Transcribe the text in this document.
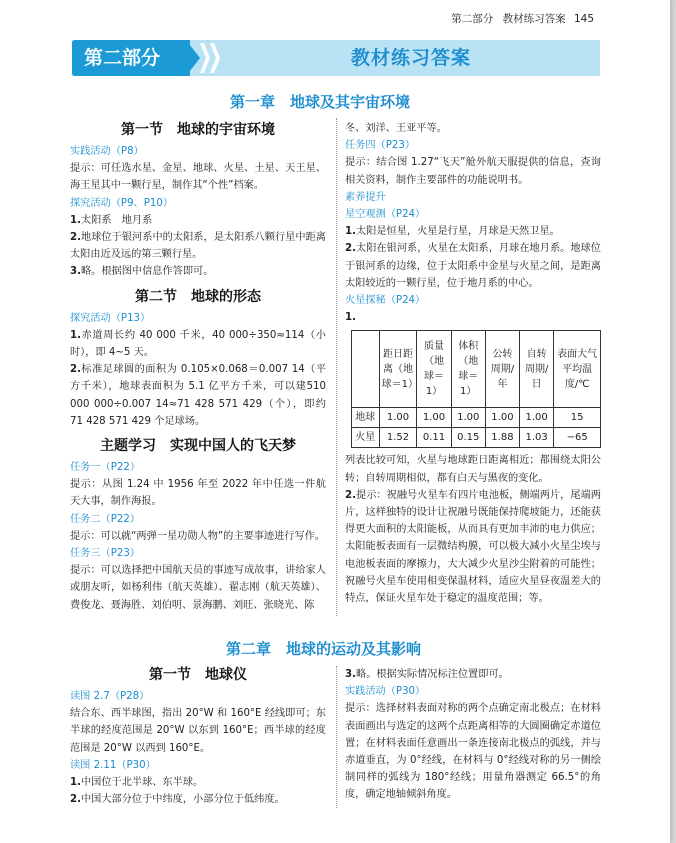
第二部分 教材练习答案 145
第二部分	教材练习答案
第一章　地球及其宇宙环境
第一节　地球的宇宙环境

实践活动（P8）

提示：可任选水星、金星、地球、火星、土星、天王星、海王星其中一颗行星，制作其“个性”档案。

探究活动（P9、P10）

1.太阳系　地月系

2.地球位于银河系中的太阳系，是太阳系八颗行星中距离太阳由近及远的第三颗行星。

3.略。根据图中信息作答即可。

第二节　地球的形态

探究活动（P13）

1.赤道周长约 40 000 千米，40 000÷350≈114（小时），即 4~5 天。

2.标准足球圆的面积为 0.105×0.068＝0.007 14（平方千米），地球表面积为 5.1 亿平方千米，可以建510 000 000÷0.007 14≈71 428 571 429（个），即约 71 428 571 429 个足球场。

主题学习　实现中国人的飞天梦

任务一（P22）

提示：从图 1.24 中 1956 年至 2022 年中任选一件航天大事，制作海报。

任务二（P22）

提示：可以就“两弹一星功勋人物”的主要事迹进行写作。

任务三（P23）

提示：可以选择把中国航天员的事迹写成故事，讲给家人或朋友听，如杨利伟（航天英雄）、翟志刚（航天英雄）、费俊龙、聂海胜、刘伯明、景海鹏、刘旺、张晓光、陈

冬、刘洋、王亚平等。

任务四（P23）

提示：结合图 1.27“飞天”舱外航天服提供的信息，查询相关资料，制作主要部件的功能说明书。

素养提升

星空观测（P24）

1.太阳是恒星，火星是行星，月球是天然卫星。

2.太阳在银河系，火星在太阳系，月球在地月系。地球位于银河系的边缘，位于太阳系中金星与火星之间，是距离太阳较近的一颗行星，位于地月系的中心。

火星探秘（P24）

1.

	距日距离（地球＝1）	质量（地球＝1）	体积（地球＝1）	公转周期/年	自转周期/日	表面大气平均温度/℃
地球	1.00	1.00	1.00	1.00	1.00	15
火星	1.52	0.11	0.15	1.88	1.03	−65

列表比较可知，火星与地球距日距离相近；都围绕太阳公转；自转周期相似，都有白天与黑夜的变化。

2.提示：祝融号火星车有四片电池板，侧端两片，尾端两片，这样独特的设计让祝融号既能保持爬坡能力，还能获得更大面积的太阳能板，从而具有更加丰沛的电力供应；太阳能板表面有一层微结构膜，可以极大减小火星尘埃与电池板表面的摩擦力，大大减少火星沙尘附着的可能性；祝融号火星车使用相变保温材料，适应火星昼夜温差大的特点，保证火星车处于稳定的温度范围；等。

第二章　地球的运动及其影响
第一节　地球仪

读图 2.7（P28）

结合东、西半球图，指出 20°W 和 160°E 经线即可；东半球的经度范围是 20°W 以东到 160°E；西半球的经度范围是 20°W 以西到 160°E。

读图 2.11（P30）

1.中国位于北半球、东半球。

2.中国大部分位于中纬度，小部分位于低纬度。

3.略。根据实际情况标注位置即可。

实践活动（P30）

提示：选择材料表面对称的两个点确定南北极点；在材料表面画出与选定的这两个点距离相等的大圆圈确定赤道位置；在材料表面任意画出一条连接南北极点的弧线，并与赤道垂直，为 0°经线，在材料与 0°经线对称的另一侧绘制同样的弧线为 180°经线；用量角器测定 66.5°的角度，确定地轴倾斜角度。
